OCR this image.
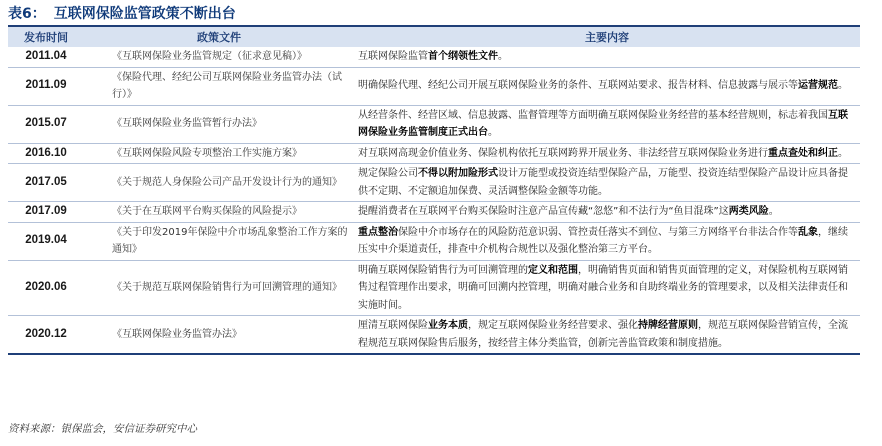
表6： 互联网保险监管政策不断出台
发布时间	政策文件	主要内容
2011.04	《互联网保险业务监管规定（征求意见稿）》	互联网保险监管首个纲领性文件。
2011.09	《保险代理、经纪公司互联网保险业务监管办法（试行）》	明确保险代理、经纪公司开展互联网保险业务的条件、互联网站要求、报告材料、信息披露与展示等运营规范。
2015.07	《互联网保险业务监管暂行办法》	从经营条件、经营区域、信息披露、监督管理等方面明确互联网保险业务经营的基本经营规则，标志着我国互联网保险业务监管制度正式出台。
2016.10	《互联网保险风险专项整治工作实施方案》	对互联网高现金价值业务、保险机构依托互联网跨界开展业务、非法经营互联网保险业务进行重点查处和纠正。
2017.05	《关于规范人身保险公司产品开发设计行为的通知》	规定保险公司不得以附加险形式设计万能型或投资连结型保险产品，万能型、投资连结型保险产品设计应具备提供不定期、不定额追加保费、灵活调整保险金额等功能。
2017.09	《关于在互联网平台购买保险的风险提示》	提醒消费者在互联网平台购买保险时注意产品宣传藏“忽悠”和不法行为“鱼目混珠”这两类风险。
2019.04	《关于印发2019年保险中介市场乱象整治工作方案的通知》	重点整治保险中介市场存在的风险防范意识弱、管控责任落实不到位、与第三方网络平台非法合作等乱象，继续压实中介渠道责任，排查中介机构合规性以及强化整治第三方平台。
2020.06	《关于规范互联网保险销售行为可回溯管理的通知》	明确互联网保险销售行为可回溯管理的定义和范围，明确销售页面和销售页面管理的定义，对保险机构互联网销售过程管理作出要求，明确可回溯内控管理，明确对融合业务和自助终端业务的管理要求，以及相关法律责任和实施时间。
2020.12	《互联网保险业务监管办法》	厘清互联网保险业务本质，规定互联网保险业务经营要求、强化持牌经营原则，规范互联网保险营销宣传，全流程规范互联网保险售后服务，按经营主体分类监管，创新完善监管政策和制度措施。
资料来源：银保监会，安信证券研究中心
